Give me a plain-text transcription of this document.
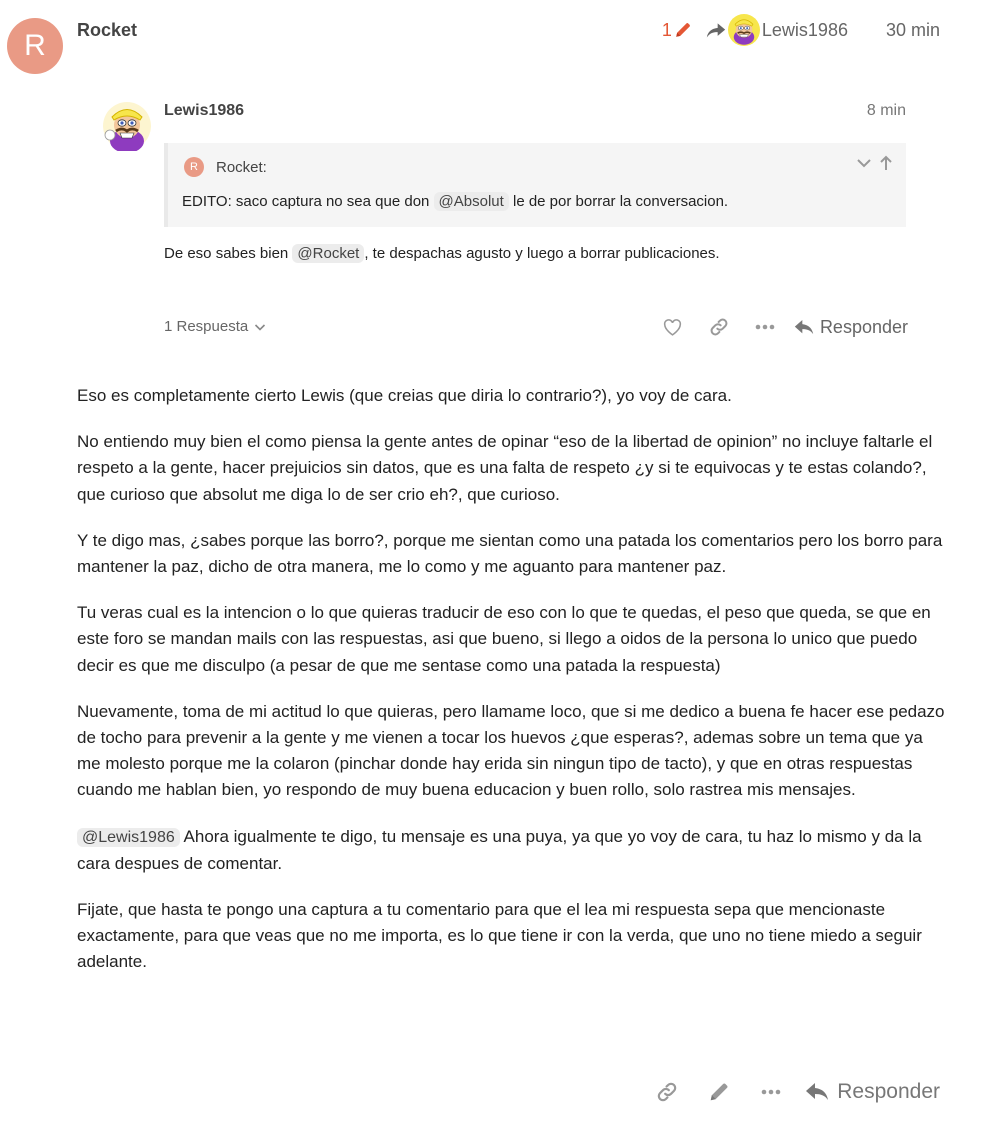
R	Rocket	1	Lewis1986 30 min
Lewis1986	8 min
R	Rocket:
EDITO: saco captura no sea que don @Absolut le de por borrar la conversacion.
De eso sabes bien @Rocket , te despachas agusto y luego a borrar publicaciones.
1 Respuesta	Responder

Eso es completamente cierto Lewis (que creias que diria lo contrario?), yo voy de cara.

No entiendo muy bien el como piensa la gente antes de opinar “eso de la libertad de opinion” no incluye faltarle el respeto a la gente, hacer prejuicios sin datos, que es una falta de respeto ¿y si te equivocas y te estas colando?, que curioso que absolut me diga lo de ser crio eh?, que curioso.

Y te digo mas, ¿sabes porque las borro?, porque me sientan como una patada los comentarios pero los borro para mantener la paz, dicho de otra manera, me lo como y me aguanto para mantener paz.

Tu veras cual es la intencion o lo que quieras traducir de eso con lo que te quedas, el peso que queda, se que en este foro se mandan mails con las respuestas, asi que bueno, si llego a oidos de la persona lo unico que puedo decir es que me disculpo (a pesar de que me sentase como una patada la respuesta)

Nuevamente, toma de mi actitud lo que quieras, pero llamame loco, que si me dedico a buena fe hacer ese pedazo de tocho para prevenir a la gente y me vienen a tocar los huevos ¿que esperas?, ademas sobre un tema que ya me molesto porque me la colaron (pinchar donde hay erida sin ningun tipo de tacto), y que en otras respuestas cuando me hablan bien, yo respondo de muy buena educacion y buen rollo, solo rastrea mis mensajes.

@Lewis1986 Ahora igualmente te digo, tu mensaje es una puya, ya que yo voy de cara, tu haz lo mismo y da la cara despues de comentar.

Fijate, que hasta te pongo una captura a tu comentario para que el lea mi respuesta sepa que mencionaste exactamente, para que veas que no me importa, es lo que tiene ir con la verda, que uno no tiene miedo a seguir adelante.

Responder
